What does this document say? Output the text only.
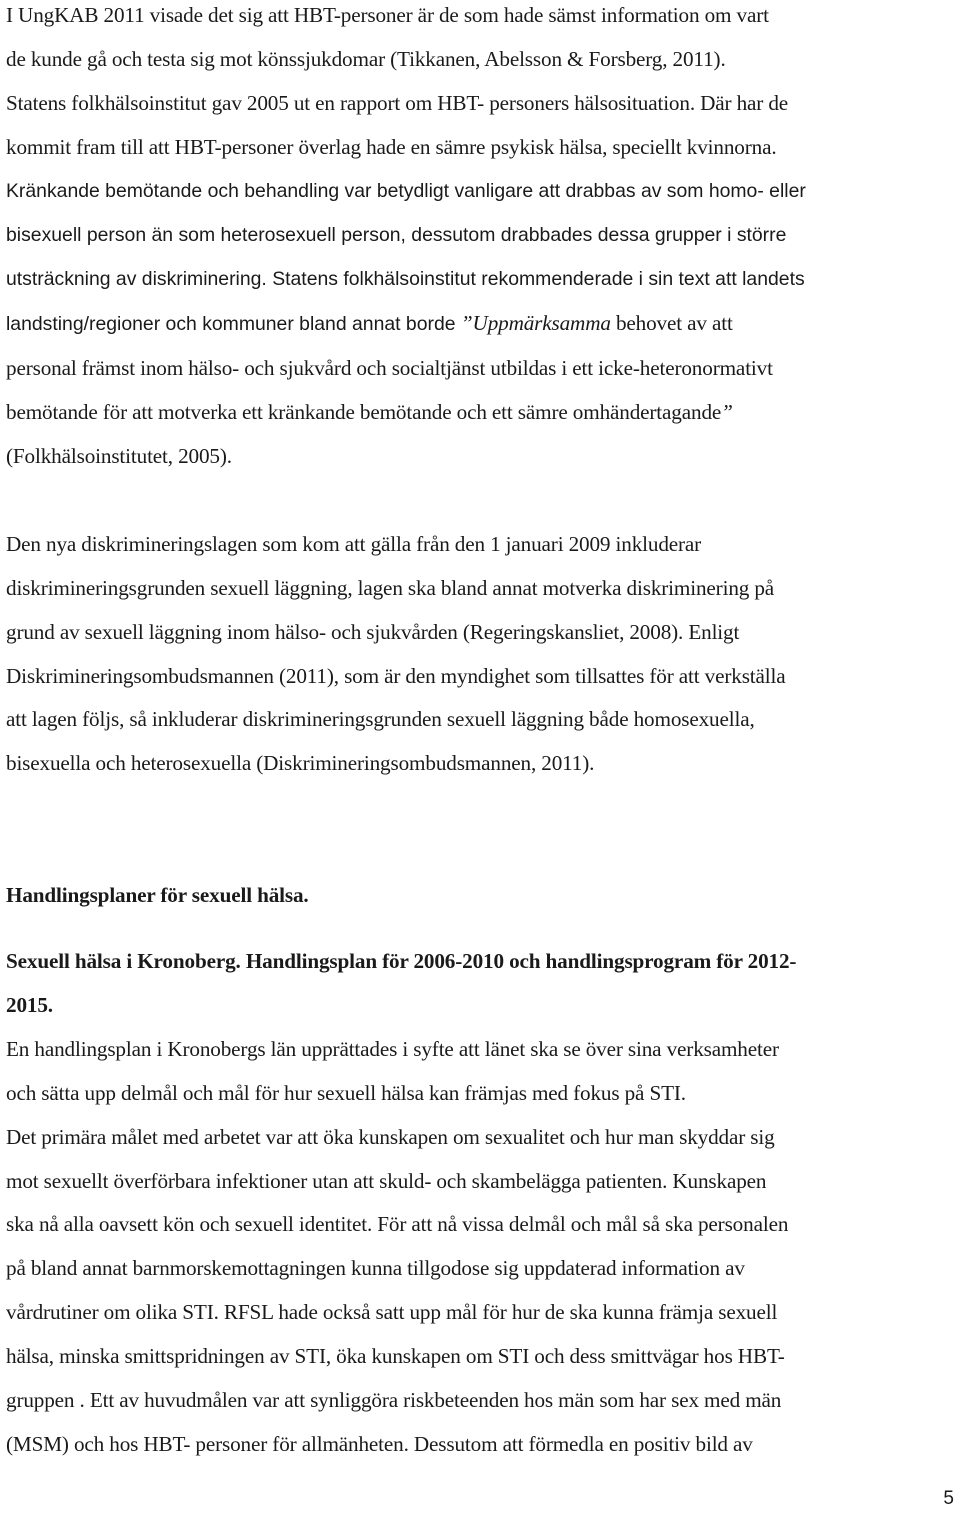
I UngKAB 2011 visade det sig att HBT-personer är de som hade sämst information om vart
de kunde gå och testa sig mot könssjukdomar (Tikkanen, Abelsson & Forsberg, 2011).
Statens folkhälsoinstitut gav 2005 ut en rapport om HBT- personers hälsosituation. Där har de
kommit fram till att HBT-personer överlag hade en sämre psykisk hälsa, speciellt kvinnorna.
Kränkande bemötande och behandling var betydligt vanligare att drabbas av som homo- eller
bisexuell person än som heterosexuell person, dessutom drabbades dessa grupper i större
utsträckning av diskriminering. Statens folkhälsoinstitut rekommenderade i sin text att landets
landsting/regioner och kommuner bland annat borde ”Uppmärksamma behovet av att
personal främst inom hälso- och sjukvård och socialtjänst utbildas i ett icke-heteronormativt
bemötande för att motverka ett kränkande bemötande och ett sämre omhändertagande”
(Folkhälsoinstitutet, 2005).
Den nya diskrimineringslagen som kom att gälla från den 1 januari 2009 inkluderar
diskrimineringsgrunden sexuell läggning, lagen ska bland annat motverka diskriminering på
grund av sexuell läggning inom hälso- och sjukvården (Regeringskansliet, 2008). Enligt
Diskrimineringsombudsmannen (2011), som är den myndighet som tillsattes för att verkställa
att lagen följs, så inkluderar diskrimineringsgrunden sexuell läggning både homosexuella,
bisexuella och heterosexuella (Diskrimineringsombudsmannen, 2011).
Handlingsplaner för sexuell hälsa.
Sexuell hälsa i Kronoberg. Handlingsplan för 2006-2010 och handlingsprogram för 2012-
2015.
En handlingsplan i Kronobergs län upprättades i syfte att länet ska se över sina verksamheter
och sätta upp delmål och mål för hur sexuell hälsa kan främjas med fokus på STI.
Det primära målet med arbetet var att öka kunskapen om sexualitet och hur man skyddar sig
mot sexuellt överförbara infektioner utan att skuld- och skambelägga patienten. Kunskapen
ska nå alla oavsett kön och sexuell identitet. För att nå vissa delmål och mål så ska personalen
på bland annat barnmorskemottagningen kunna tillgodose sig uppdaterad information av
vårdrutiner om olika STI. RFSL hade också satt upp mål för hur de ska kunna främja sexuell
hälsa, minska smittspridningen av STI, öka kunskapen om STI och dess smittvägar hos HBT-
gruppen . Ett av huvudmålen var att synliggöra riskbeteenden hos män som har sex med män
(MSM) och hos HBT- personer för allmänheten. Dessutom att förmedla en positiv bild av
5
